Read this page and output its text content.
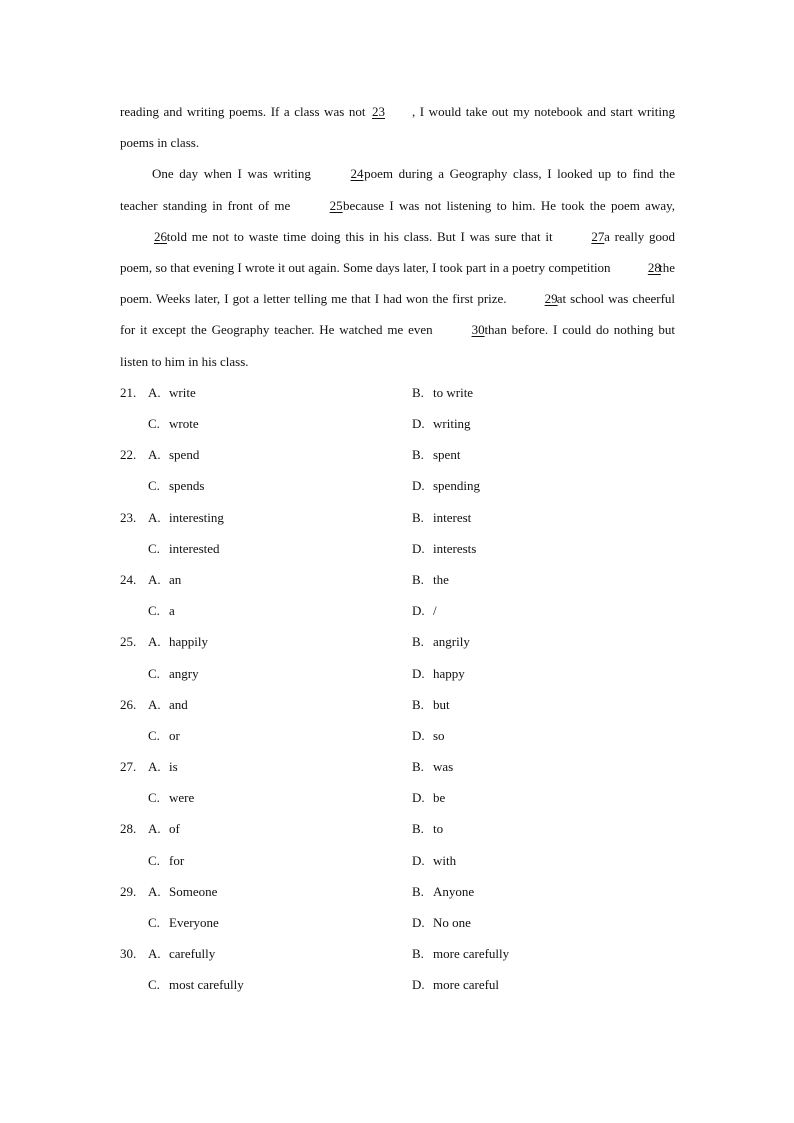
reading and writing poems. If a class was not 23 , I would take out my notebook and start writing poems in class.

One day when I was writing	24 poem during a Geography class, I looked up to find the teacher standing in front of me	25 because I was not listening to him. He took the poem away, 26 told me not to waste time doing this in his class. But I was sure that it	27 a really good poem, so that evening I wrote it out again. Some days later, I took part in a poetry competition	28 the poem. Weeks later, I got a letter telling me that I had won the first prize.	29 at school was cheerful for it except the Geography teacher. He watched me even	30 than before. I could do nothing but listen to him in his class.

21. A. write	B. to write
C. wrote	D. writing
22. A. spend	B. spent
C. spends	D. spending
23. A. interesting	B. interest
C. interested	D. interests
24. A. an	B. the
C. a	D. /
25. A. happily	B. angrily
C. angry	D. happy
26. A. and	B. but
C. or	D. so
27. A. is	B. was
C. were	D. be
28. A. of	B. to
C. for	D. with
29. A. Someone	B. Anyone
C. Everyone	D. No one
30. A. carefully	B. more carefully
C. most carefully	D. more careful
